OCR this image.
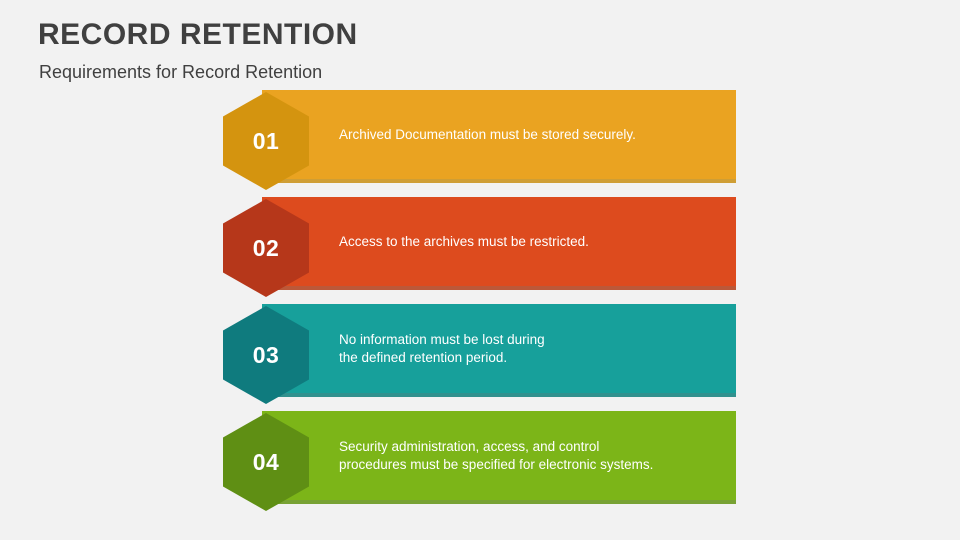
RECORD RETENTION
Requirements for Record Retention
01	Archived Documentation must be stored securely.
02	Access to the archives must be restricted.
03
No information must be lost during
the defined retention period.
04
Security administration, access, and control
procedures must be specified for electronic systems.
